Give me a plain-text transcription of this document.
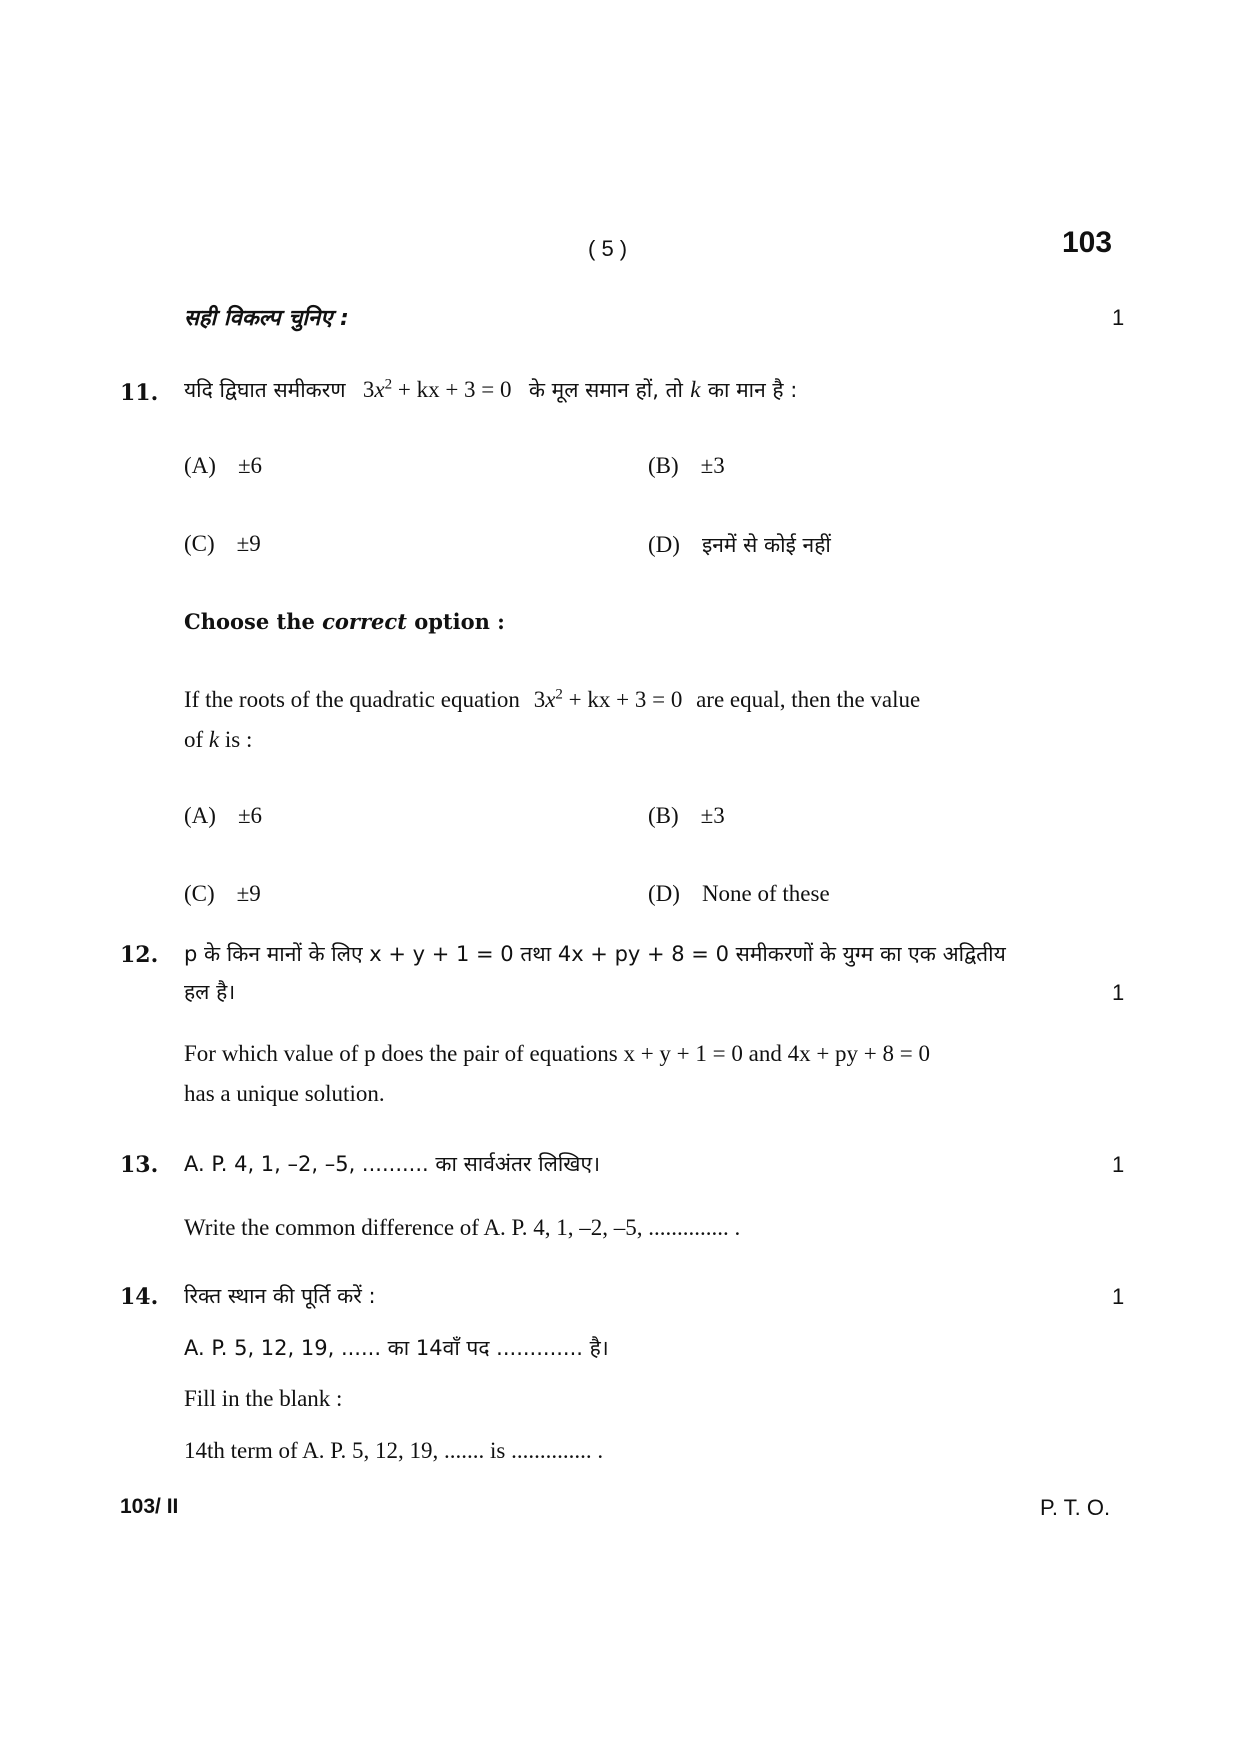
( 5 )	103
सही विकल्प चुनिए :	1
11. यदि द्विघात समीकरण $3x^2$ + kx + 3 = 0 के मूल समान हों, तो k का मान है :
(A) ±6	(B) ±3
(C) ±9	(D) इनमें से कोई नहीं
Choose the correct option :
If the roots of the quadratic equation $3x^2$ + kx + 3 = 0 are equal, then the value
of k is :
(A) ±6	(B) ±3
(C) ±9	(D) None of these
12. p के किन मानों के लिए x + y + 1 = 0 तथा 4x + py + 8 = 0 समीकरणों के युग्म का एक अद्वितीय
हल है।	1
For which value of p does the pair of equations x + y + 1 = 0 and 4x + py + 8 = 0
has a unique solution.
13. A. P. 4, 1, –2, –5, .......... का सार्वअंतर लिखिए।	1
Write the common difference of A. P. 4, 1, –2, –5, .............. .
14. रिक्त स्थान की पूर्ति करें :	1
A. P. 5, 12, 19, ...... का 14वाँ पद ............. है।
Fill in the blank :
14th term of A. P. 5, 12, 19, ....... is .............. .
103/ II	P. T. O.
